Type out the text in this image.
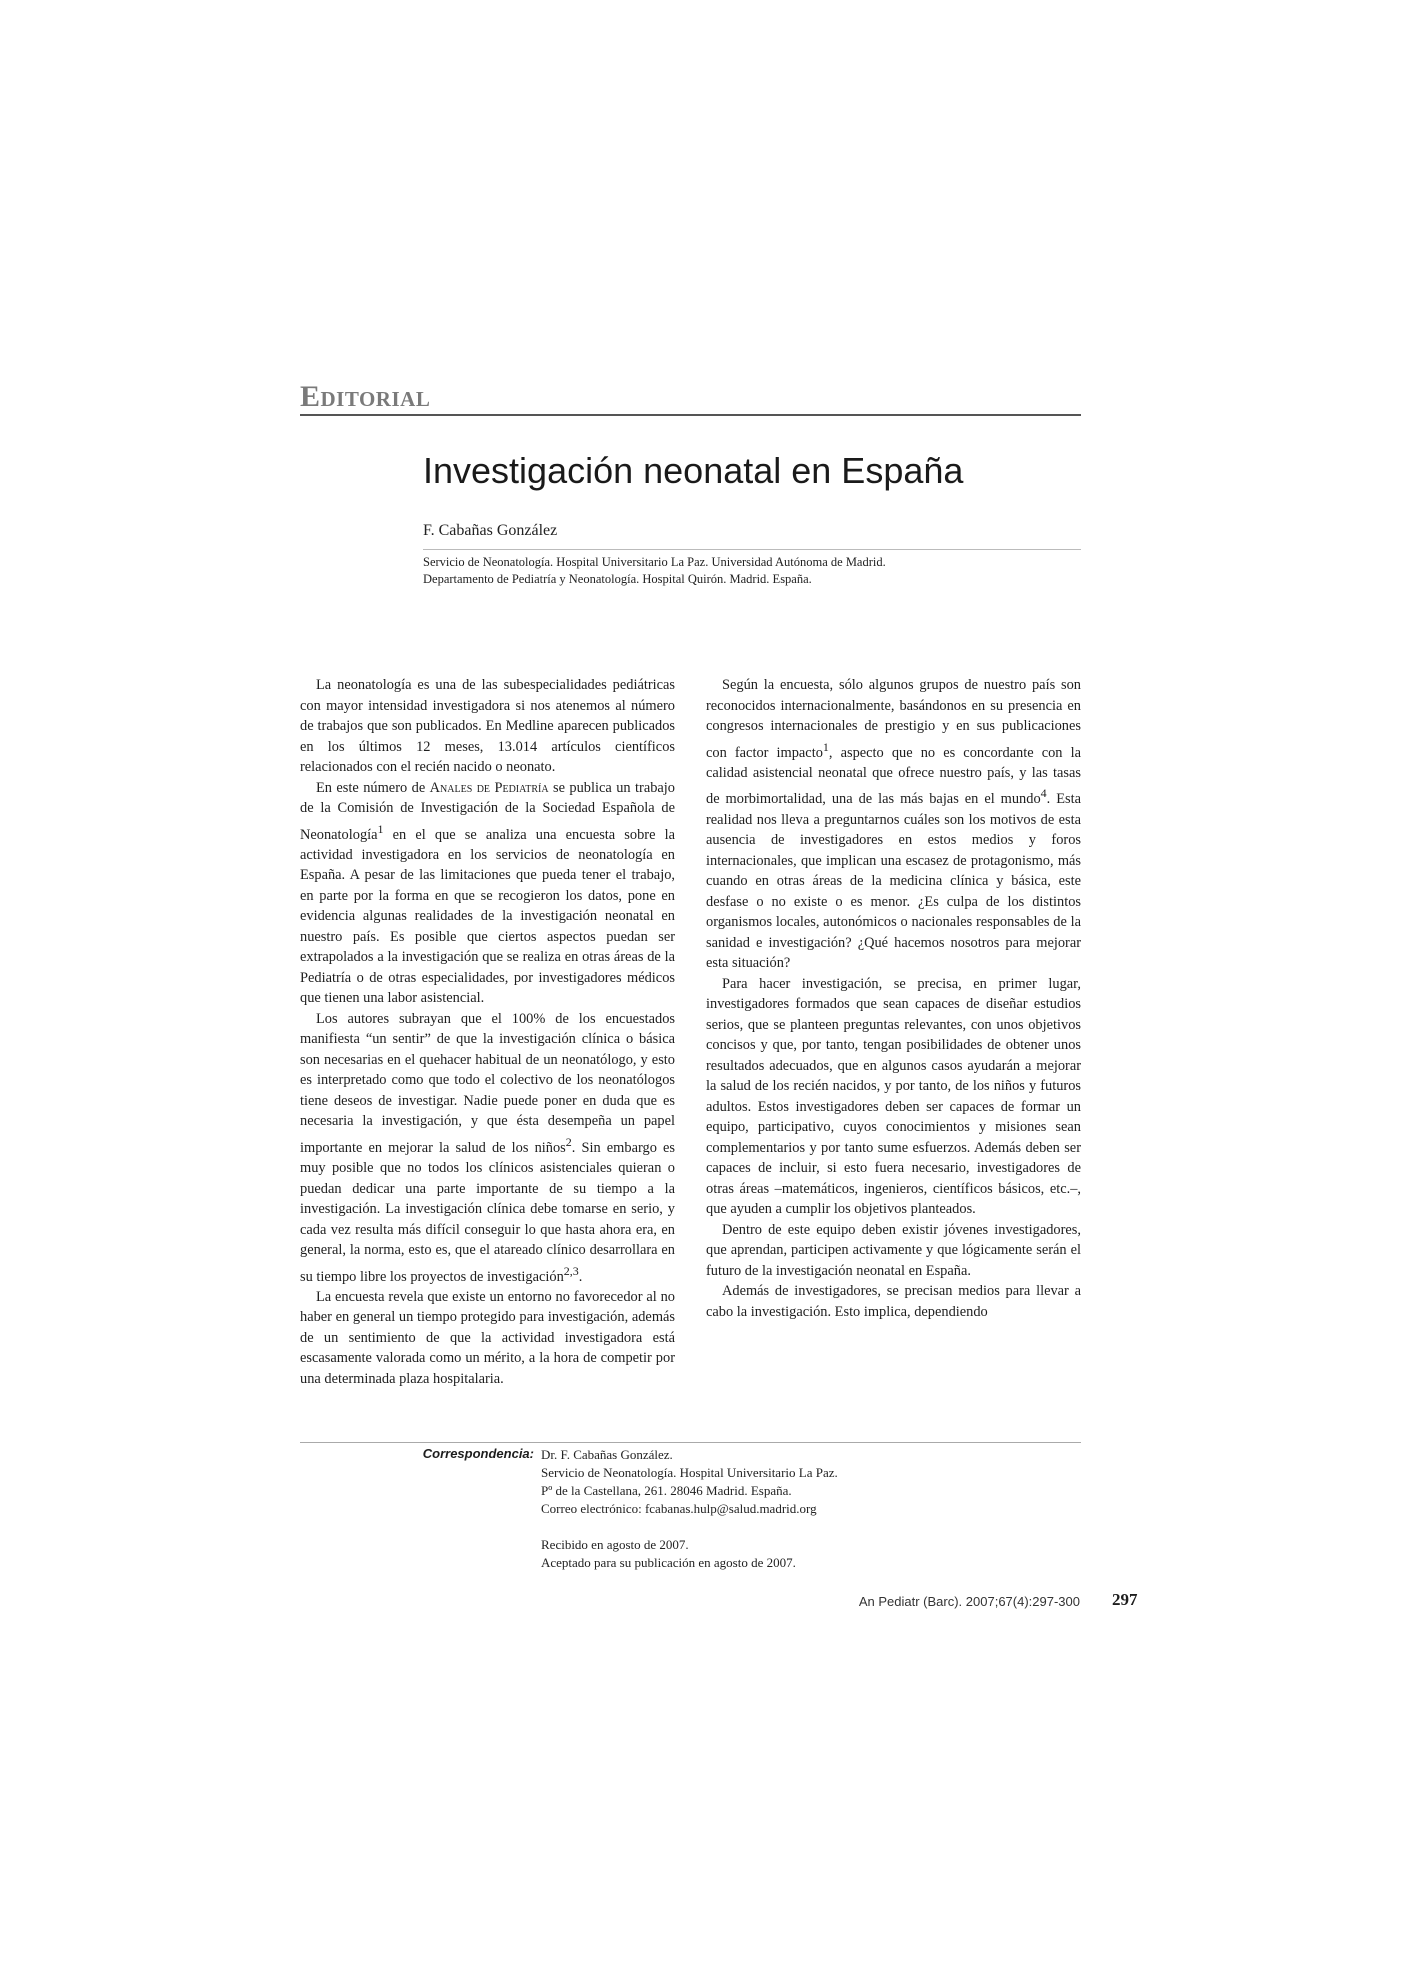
Editorial
Investigación neonatal en España
F. Cabañas González
Servicio de Neonatología. Hospital Universitario La Paz. Universidad Autónoma de Madrid.
Departamento de Pediatría y Neonatología. Hospital Quirón. Madrid. España.

La neonatología es una de las subespecialidades pediátricas con mayor intensidad investigadora si nos atenemos al número de trabajos que son publicados. En Medline aparecen publicados en los últimos 12 meses, 13.014 artículos científicos relacionados con el recién nacido o neonato.

En este número de Anales de Pediatría se publica un trabajo de la Comisión de Investigación de la Sociedad Española de Neonatología$^1$ en el que se analiza una encuesta sobre la actividad investigadora en los servicios de neonatología en España. A pesar de las limitaciones que pueda tener el trabajo, en parte por la forma en que se recogieron los datos, pone en evidencia algunas realidades de la investigación neonatal en nuestro país. Es posible que ciertos aspectos puedan ser extrapolados a la investigación que se realiza en otras áreas de la Pediatría o de otras especialidades, por investigadores médicos que tienen una labor asistencial.

Los autores subrayan que el 100% de los encuestados manifiesta “un sentir” de que la investigación clínica o básica son necesarias en el quehacer habitual de un neonatólogo, y esto es interpretado como que todo el colectivo de los neonatólogos tiene deseos de investigar. Nadie puede poner en duda que es necesaria la investigación, y que ésta desempeña un papel importante en mejorar la salud de los niños$^2$. Sin embargo es muy posible que no todos los clínicos asistenciales quieran o puedan dedicar una parte importante de su tiempo a la investigación. La investigación clínica debe tomarse en serio, y cada vez resulta más difícil conseguir lo que hasta ahora era, en general, la norma, esto es, que el atareado clínico desarrollara en su tiempo libre los proyectos de investigación$^{2,3}$.

La encuesta revela que existe un entorno no favorecedor al no haber en general un tiempo protegido para investigación, además de un sentimiento de que la actividad investigadora está escasamente valorada como un mérito, a la hora de competir por una determinada plaza hospitalaria.

Según la encuesta, sólo algunos grupos de nuestro país son reconocidos internacionalmente, basándonos en su presencia en congresos internacionales de prestigio y en sus publicaciones con factor impacto$^1$, aspecto que no es concordante con la calidad asistencial neonatal que ofrece nuestro país, y las tasas de morbimortalidad, una de las más bajas en el mundo$^4$. Esta realidad nos lleva a preguntarnos cuáles son los motivos de esta ausencia de investigadores en estos medios y foros internacionales, que implican una escasez de protagonismo, más cuando en otras áreas de la medicina clínica y básica, este desfase o no existe o es menor. ¿Es culpa de los distintos organismos locales, autonómicos o nacionales responsables de la sanidad e investigación? ¿Qué hacemos nosotros para mejorar esta situación?

Para hacer investigación, se precisa, en primer lugar, investigadores formados que sean capaces de diseñar estudios serios, que se planteen preguntas relevantes, con unos objetivos concisos y que, por tanto, tengan posibilidades de obtener unos resultados adecuados, que en algunos casos ayudarán a mejorar la salud de los recién nacidos, y por tanto, de los niños y futuros adultos. Estos investigadores deben ser capaces de formar un equipo, participativo, cuyos conocimientos y misiones sean complementarios y por tanto sume esfuerzos. Además deben ser capaces de incluir, si esto fuera necesario, investigadores de otras áreas –matemáticos, ingenieros, científicos básicos, etc.–, que ayuden a cumplir los objetivos planteados.

Dentro de este equipo deben existir jóvenes investigadores, que aprendan, participen activamente y que lógicamente serán el futuro de la investigación neonatal en España.

Además de investigadores, se precisan medios para llevar a cabo la investigación. Esto implica, dependiendo

Correspondencia: Dr. F. Cabañas González.
Servicio de Neonatología. Hospital Universitario La Paz.
Pº de la Castellana, 261. 28046 Madrid. España.
Correo electrónico: fcabanas.hulp@salud.madrid.org
Recibido en agosto de 2007.
Aceptado para su publicación en agosto de 2007.
An Pediatr (Barc). 2007;67(4):297-300 297
